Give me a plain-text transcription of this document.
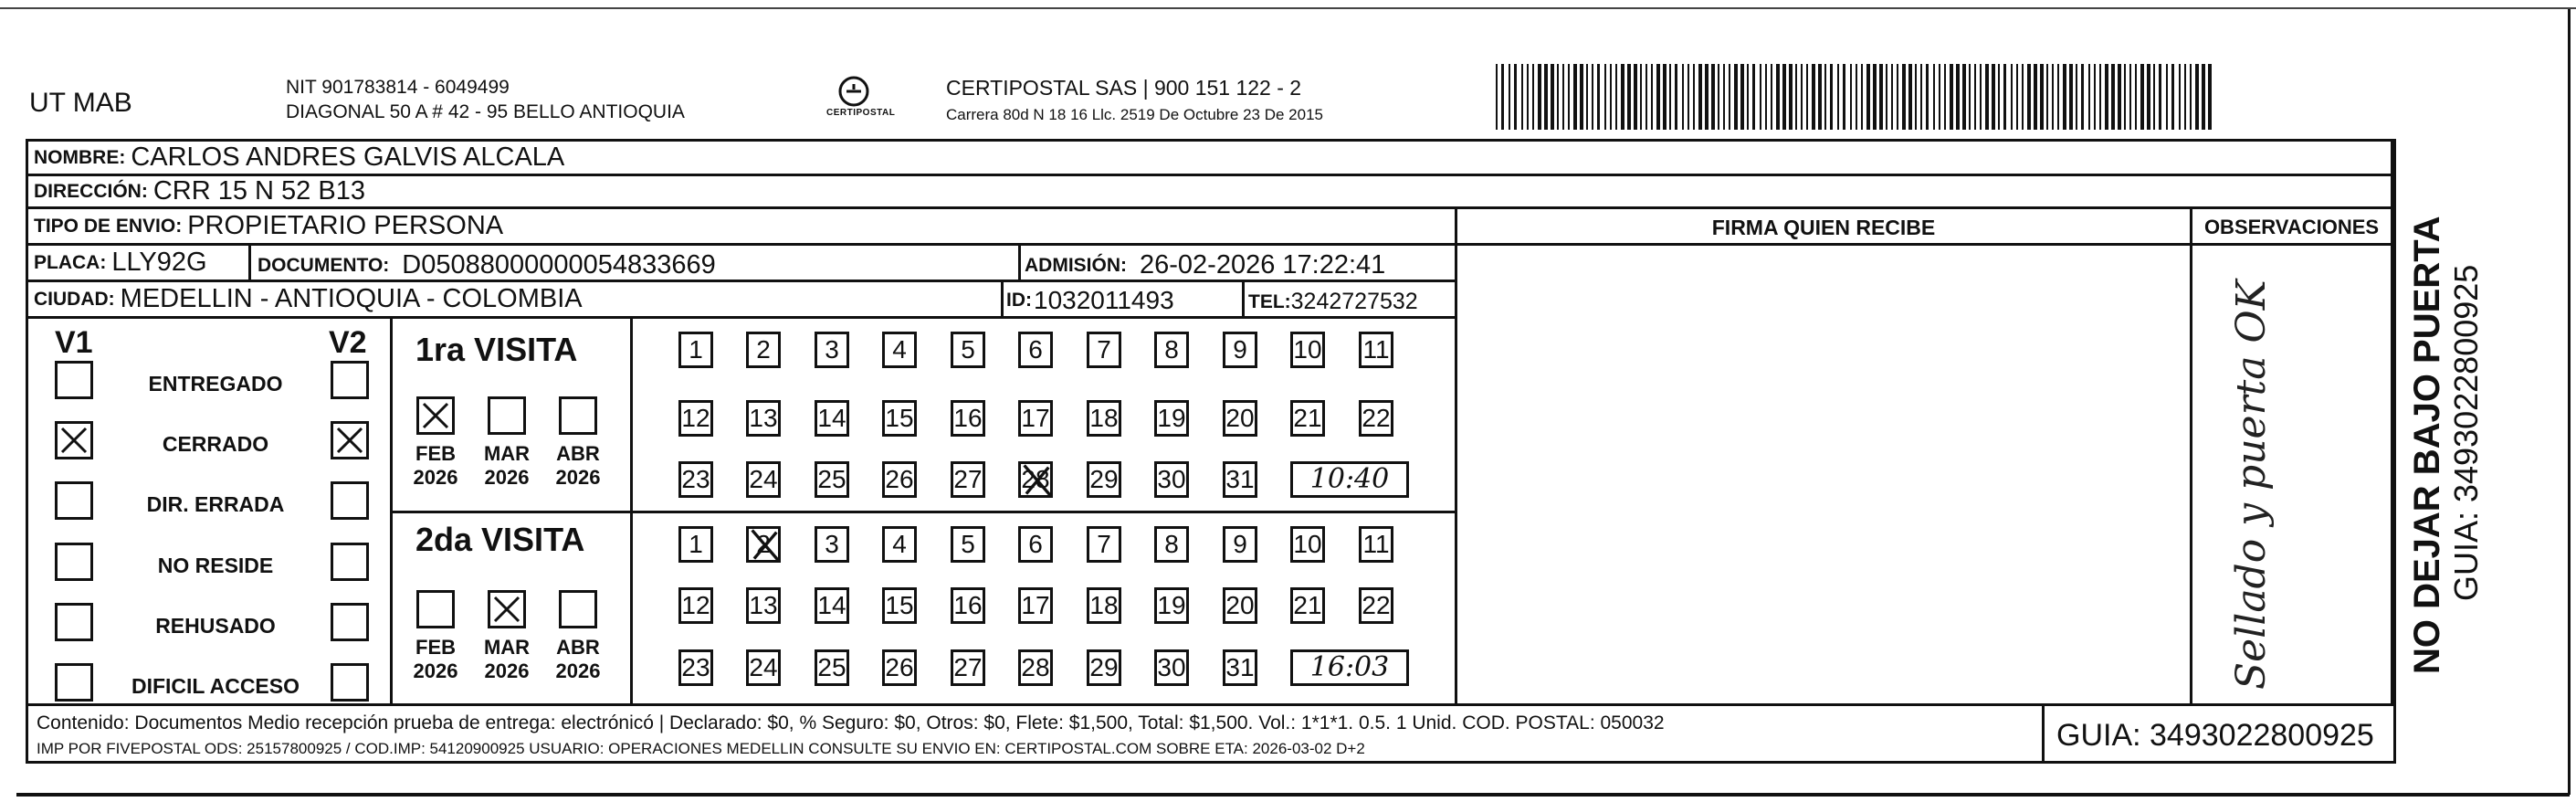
UT MAB
NIT 901783814 - 6049499
DIAGONAL 50 A # 42 - 95 BELLO ANTIOQUIA	CERTIPOSTAL
CERTIPOSTAL SAS | 900 151 122 - 2
Carrera 80d N 18 16 Llc. 2519 De Octubre 23 De 2015
NOMBRE: CARLOS ANDRES GALVIS ALCALA
DIRECCIÓN: CRR 15 N 52 B13
TIPO DE ENVIO: PROPIETARIO PERSONA	FIRMA QUIEN RECIBE	OBSERVACIONES
PLACA: LLY92G	DOCUMENTO: D05088000000054833669	ADMISIÓN: 26-02-2026 17:22:41
CIUDAD: MEDELLIN - ANTIOQUIA - COLOMBIA	ID: 1032011493	TEL: 3242727532
V1	V2 1ra VISITA
2da VISITA	Sellado y puerta OK
Contenido: Documentos Medio recepción prueba de entrega: electrónicó | Declarado: $0, % Seguro: $0, Otros: $0, Flete: $1,500, Total: $1,500. Vol.: 1*1*1. 0.5. 1 Unid. COD. POSTAL: 050032
IMP POR FIVEPOSTAL ODS: 25157800925 / COD.IMP: 54120900925 USUARIO: OPERACIONES MEDELLIN CONSULTE SU ENVIO EN: CERTIPOSTAL.COM SOBRE ETA: 2026-03-02 D+2	GUIA: 3493022800925
NO DEJAR BAJO PUERTA GUIA: 3493022800925
ENTREGADO
CERRADO
DIR. ERRADA
NO RESIDE
REHUSADO
DIFICIL ACCESO
FEB
2026
MAR
2026
ABR
2026
FEB
2026
MAR
2026
ABR
2026
1	2	3	4	5	6	7	8	9	10 11
12 13 14 15 16 17 18 19 20 21 22
23 24 25 26 27 28 29 30 31	10:40
1	2	3	4	5	6	7	8	9	10 11
12 13 14 15 16 17 18 19 20 21 22
23 24 25 26 27 28 29 30 31	16:03
